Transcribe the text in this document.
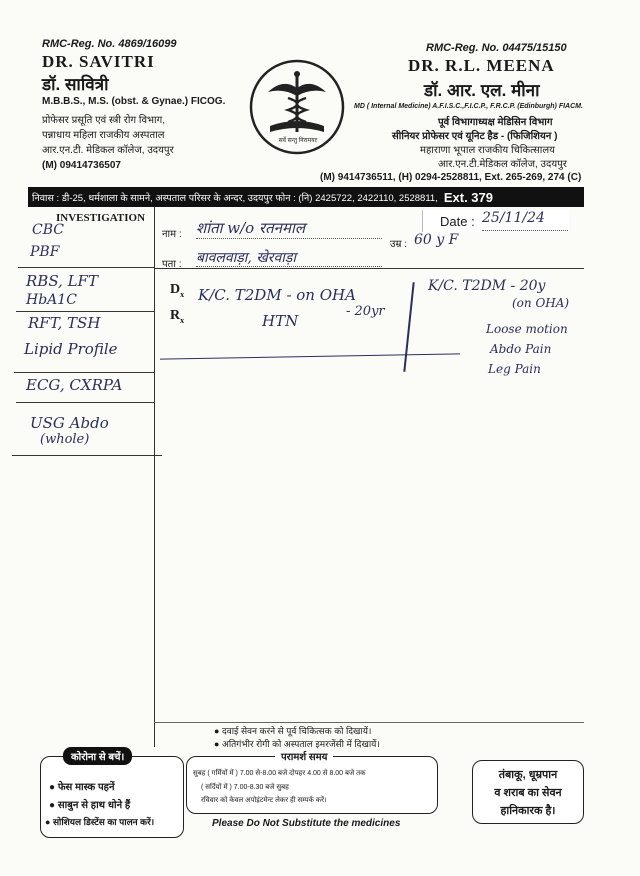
RMC-Reg. No. 4869/16099
DR. SAVITRI
डॉ. सावित्री
M.B.B.S., M.S. (obst. & Gynae.) FICOG.
प्रोफेसर प्रसूति एवं स्त्री रोग विभाग,
पन्नाधाय महिला राजकीय अस्पताल
आर.एन.टी. मेडिकल कॉलेज, उदयपुर
(M) 09414736507
सर्वे सन्तु निरामयाः
RMC-Reg. No. 04475/15150
DR. R.L. MEENA
डॉ. आर. एल. मीना
MD ( Internal Medicine) A.F.I.S.C.,F.I.C.P., F.R.C.P. (Edinburgh) FIACM.
पूर्व विभागाध्यक्ष मेडिसिन विभाग
सीनियर प्रोफेसर एवं यूनिट हैड - (फिजिशियन )
महाराणा भूपाल राजकीय चिकित्सालय
आर.एन.टी.मेडिकल कॉलेज, उदयपुर
(M) 9414736511, (H) 0294-2528811, Ext. 265-269, 274 (C)
निवास : डी-25, धर्मशाला के सामने, अस्पताल परिसर के अन्दर, उदयपुर फोन : (नि) 2425722, 2422110, 2528811, Ext. 379
INVESTIGATION
CBC
PBF
RBS, LFT
HbA1C
RFT, TSH
Lipid Profile
ECG, CXRPA
USG Abdo
(whole)
नाम : शांता w/o रतनमाल
उम्र : 60 y F
पता : बावलवाड़ा, खेरवाड़ा
Date : 25/11/24
$D_x$
$R_x$
K/C. T2DM - on OHA
- 20yr
HTN
K/C. T2DM - 20y
(on OHA)
Loose motion
Abdo Pain
Leg Pain
● दवाई सेवन करने से पूर्व चिकित्सक को दिखायें।
● अतिगंभीर रोगी को अस्पताल इमरजेंसी में दिखायें।
कोरोना से बचें।
● फेस मास्क पहनें
● साबुन से हाथ धोने हैं
● सोशियल डिस्टेंस का पालन करें।
परामर्श समय
सुबह ( गर्मियों में ) 7.00 से-8.00 बजे दोपहर 4.00 से 8.00 बजे तक
( सर्दियों में ) 7.00-8.30 बजे सुबह
रविवार को केवल अपोइंटमेन्ट लेकर ही सम्पर्क करें।
Please Do Not Substitute the medicines
तंबाकू, धूम्रपान
व शराब का सेवन
हानिकारक है।
